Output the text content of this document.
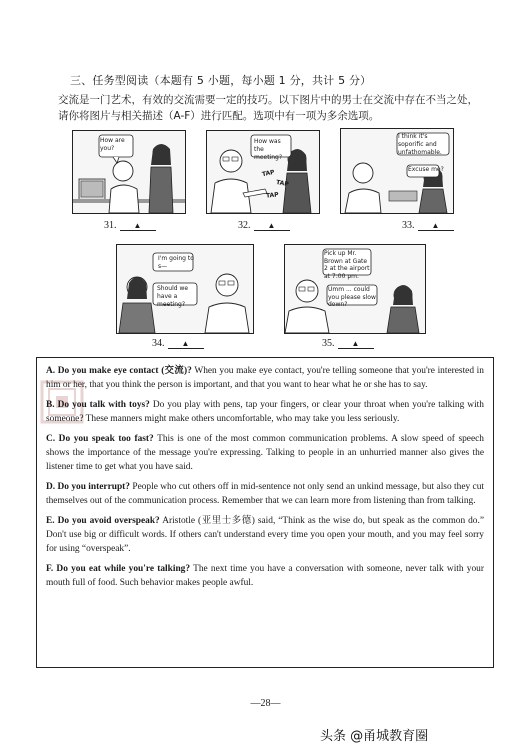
三、任务型阅读（本题有 5 小题，每小题 1 分，共计 5 分）
交流是一门艺术，有效的交流需要一定的技巧。以下图片中的男士在交流中存在不当之处，请你将图片与相关描述（A-F）进行匹配。选项中有一项为多余选项。
How are you?
How was the meeting?
TAP
TAP
TAP
I think it's soporific and unfathomable.
Excuse me?
31. ▲	32. ▲	33. ▲
I'm going to s—
Should we have a meeting?
Pick up Mr. Brown at Gate 2 at the airport at 7:00 pm.
Umm ... could you please slow down?
34. ▲	35. ▲
A. Do you make eye contact (交流)? When you make eye contact, you're telling someone that you're interested in him or her, that you think the person is important, and that you want to hear what he or she has to say.
B. Do you talk with toys? Do you play with pens, tap your fingers, or clear your throat when you're talking with someone? These manners might make others uncomfortable, who may take you less seriously.
C. Do you speak too fast? This is one of the most common communication problems. A slow speed of speech shows the importance of the message you're expressing. Talking to people in an unhurried manner also gives the listener time to get what you have said.
D. Do you interrupt? People who cut others off in mid-sentence not only send an unkind message, but also they cut themselves out of the communication process. Remember that we can learn more from listening than from talking.
E. Do you avoid overspeak? Aristotle (亚里士多德) said, “Think as the wise do, but speak as the common do.” Don't use big or difficult words. If others can't understand every time you open your mouth, and you may feel sorry for using “overspeak”.
F. Do you eat while you're talking? The next time you have a conversation with someone, never talk with your mouth full of food. Such behavior makes people awful.
—28—
头条 @甬城教育圈
